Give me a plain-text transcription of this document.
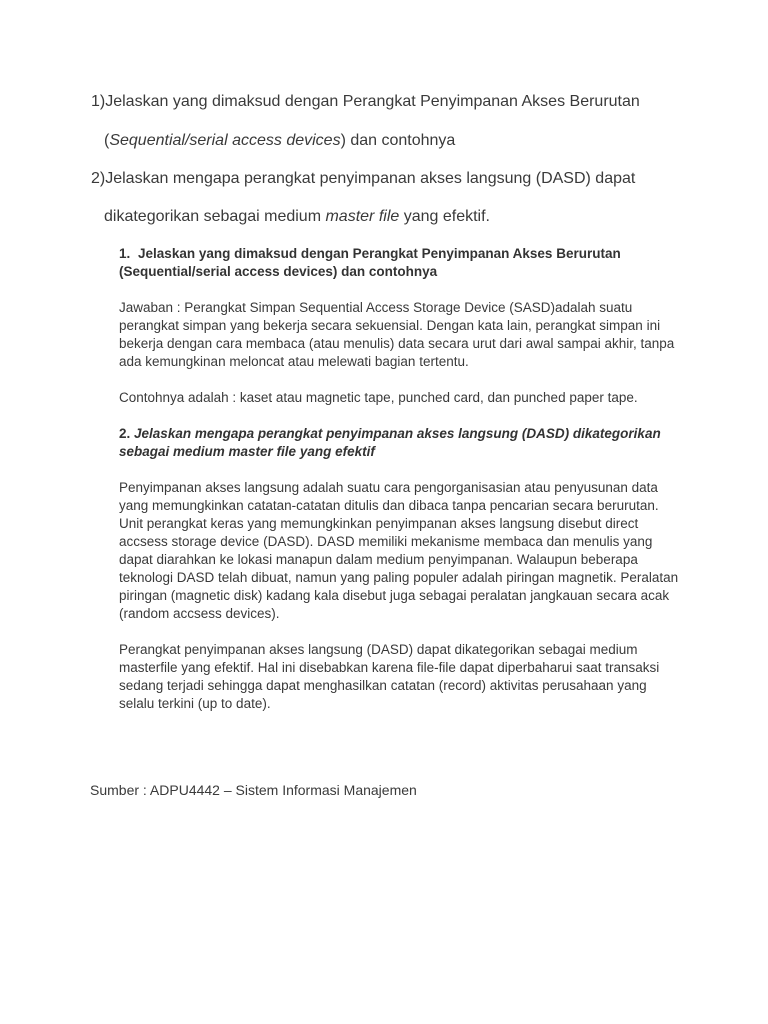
1)Jelaskan yang dimaksud dengan Perangkat Penyimpanan Akses Berurutan
(Sequential/serial access devices) dan contohnya
2)Jelaskan mengapa perangkat penyimpanan akses langsung (DASD) dapat
dikategorikan sebagai medium master file yang efektif.

1. Jelaskan yang dimaksud dengan Perangkat Penyimpanan Akses Berurutan (Sequential/serial access devices) dan contohnya

Jawaban : Perangkat Simpan Sequential Access Storage Device (SASD)adalah suatu perangkat simpan yang bekerja secara sekuensial. Dengan kata lain, perangkat simpan ini bekerja dengan cara membaca (atau menulis) data secara urut dari awal sampai akhir, tanpa ada kemungkinan meloncat atau melewati bagian tertentu.

Contohnya adalah : kaset atau magnetic tape, punched card, dan punched paper tape.

2. Jelaskan mengapa perangkat penyimpanan akses langsung (DASD) dikategorikan sebagai medium master file yang efektif

Penyimpanan akses langsung adalah suatu cara pengorganisasian atau penyusunan data yang memungkinkan catatan-catatan ditulis dan dibaca tanpa pencarian secara berurutan. Unit perangkat keras yang memungkinkan penyimpanan akses langsung disebut direct accsess storage device (DASD). DASD memiliki mekanisme membaca dan menulis yang dapat diarahkan ke lokasi manapun dalam medium penyimpanan. Walaupun beberapa teknologi DASD telah dibuat, namun yang paling populer adalah piringan magnetik. Peralatan piringan (magnetic disk) kadang kala disebut juga sebagai peralatan jangkauan secara acak (random accsess devices).

Perangkat penyimpanan akses langsung (DASD) dapat dikategorikan sebagai medium masterfile yang efektif. Hal ini disebabkan karena file-file dapat diperbaharui saat transaksi sedang terjadi sehingga dapat menghasilkan catatan (record) aktivitas perusahaan yang selalu terkini (up to date).

Sumber : ADPU4442 – Sistem Informasi Manajemen
